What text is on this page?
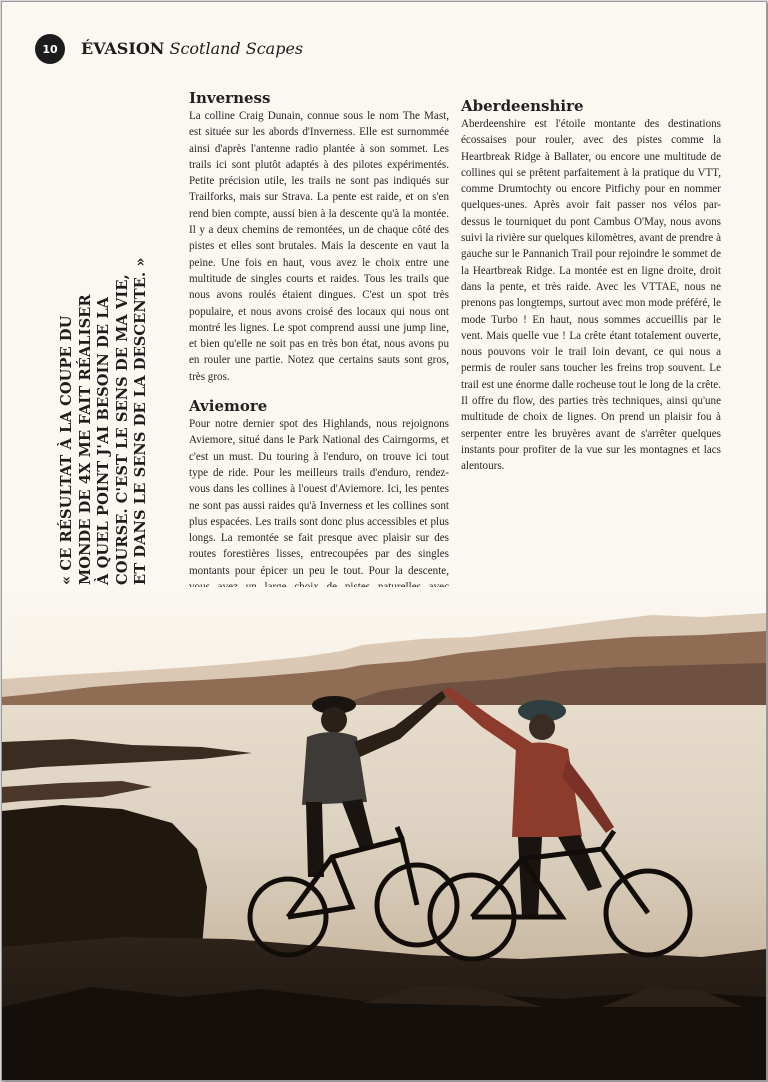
10 ÉVASION Scotland Scapes
« CE RÉSULTAT À LA COUPE DU MONDE DE 4X ME FAIT RÉALISER À QUEL POINT J'AI BESOIN DE LA COURSE. C'EST LE SENS DE MA VIE, ET DANS LE SENS DE LA DESCENTE. »
Inverness

La colline Craig Dunain, connue sous le nom The Mast, est située sur les abords d'Inverness. Elle est surnommée ainsi d'après l'antenne radio plantée à son sommet. Les trails ici sont plutôt adaptés à des pilotes expérimentés. Petite précision utile, les trails ne sont pas indiqués sur Trailforks, mais sur Strava. La pente est raide, et on s'en rend bien compte, aussi bien à la descente qu'à la montée. Il y a deux chemins de remontées, un de chaque côté des pistes et elles sont brutales. Mais la descente en vaut la peine. Une fois en haut, vous avez le choix entre une multitude de singles courts et raides. Tous les trails que nous avons roulés étaient dingues. C'est un spot très populaire, et nous avons croisé des locaux qui nous ont montré les lignes. Le spot comprend aussi une jump line, et bien qu'elle ne soit pas en très bon état, nous avons pu en rouler une partie. Notez que certains sauts sont gros, très gros.

Aviemore

Pour notre dernier spot des Highlands, nous rejoignons Aviemore, situé dans le Park National des Cairngorms, et c'est un must. Du touring à l'enduro, on trouve ici tout type de ride. Pour les meilleurs trails d'enduro, rendez-vous dans les collines à l'ouest d'Aviemore. Ici, les pentes ne sont pas aussi raides qu'à Inverness et les collines sont plus espacées. Les trails sont donc plus accessibles et plus longs. La remontée se fait presque avec plaisir sur des routes forestières lisses, entrecoupées par des singles montants pour épicer un peu le tout. Pour la descente,

Aberdeenshire

Aberdeenshire est l'étoile montante des destinations écossaises pour rouler, avec des pistes comme la Heartbreak Ridge à Ballater, ou encore une multitude de collines qui se prêtent parfaitement à la pratique du VTT, comme Drumtochty ou encore Pitfichy pour en nommer quelques-unes. Après avoir fait passer nos vélos par-dessus le tourniquet du pont Cambus O'May, nous avons suivi la rivière sur quelques kilomètres, avant de prendre à gauche sur le Pannanich Trail pour rejoindre le sommet de la Heartbreak Ridge. La montée est en ligne droite, droit dans la pente, et très raide. Avec les VTTAE, nous ne prenons pas longtemps, surtout avec mon mode préféré, le mode Turbo ! En haut, nous sommes accueillis par le vent. Mais quelle vue ! La crête étant totalement ouverte, nous pouvons voir le trail loin devant, ce qui nous a permis de rouler sans toucher les freins trop souvent. Le trail est une énorme dalle rocheuse tout le long de la crête. Il offre du flow, des parties très techniques, ainsi qu'une multitude de choix de lignes. On prend un plaisir fou à serpenter entre les bruyères avant de s'arrêter quelques instants pour profiter de la vue sur les montagnes et lacs alentours.
